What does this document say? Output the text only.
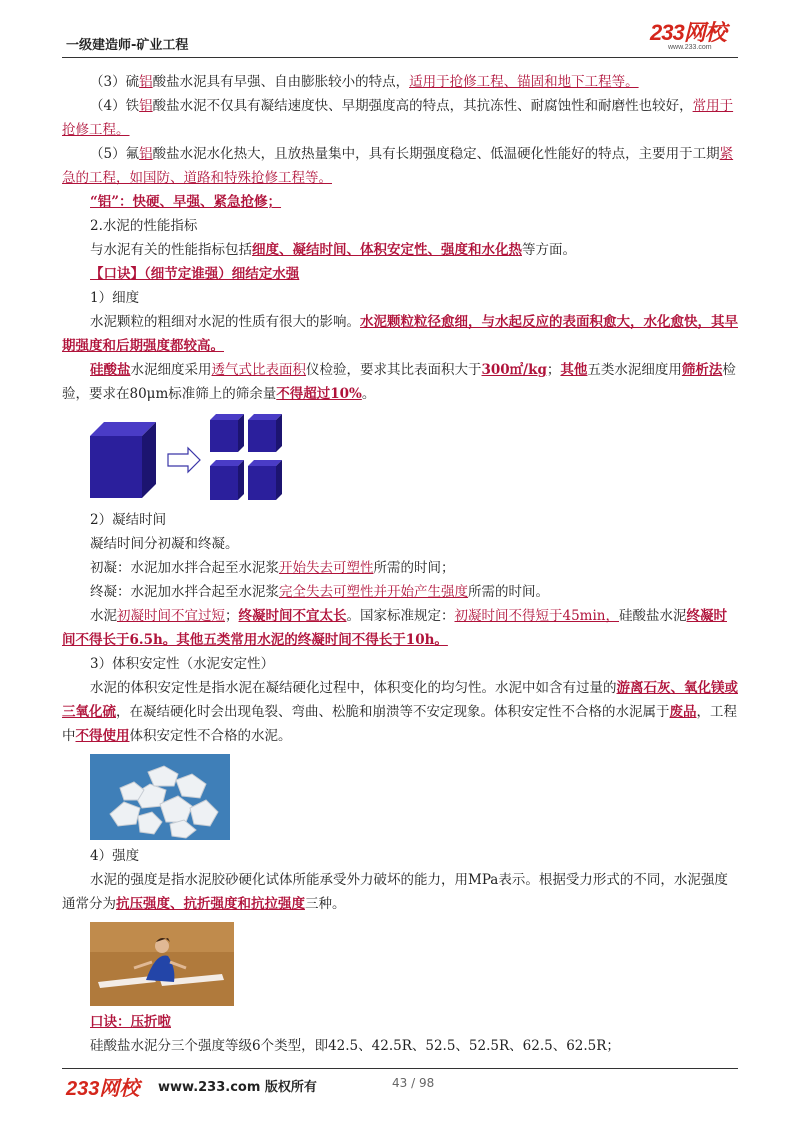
一级建造师-矿业工程
233网校
www.233.com

（3）硫铝酸盐水泥具有早强、自由膨胀较小的特点，适用于抢修工程、锚固和地下工程等。

（4）铁铝酸盐水泥不仅具有凝结速度快、早期强度高的特点，其抗冻性、耐腐蚀性和耐磨性也较好，常用于抢修工程。

（5）氟铝酸盐水泥水化热大，且放热量集中，具有长期强度稳定、低温硬化性能好的特点，主要用于工期紧急的工程，如国防、道路和特殊抢修工程等。

“铝”：快硬、早强、紧急抢修；

2.水泥的性能指标

与水泥有关的性能指标包括细度、凝结时间、体积安定性、强度和水化热等方面。

【口诀】（细节定谁强）细结定水强

1）细度

水泥颗粒的粗细对水泥的性质有很大的影响。水泥颗粒粒径愈细，与水起反应的表面积愈大，水化愈快，其早期强度和后期强度都较高。

硅酸盐水泥细度采用透气式比表面积仪检验，要求其比表面积大于300㎡/kg；其他五类水泥细度用筛析法检验，要求在80μm标准筛上的筛余量不得超过10%。

2）凝结时间

凝结时间分初凝和终凝。

初凝：水泥加水拌合起至水泥浆开始失去可塑性所需的时间；

终凝：水泥加水拌合起至水泥浆完全失去可塑性并开始产生强度所需的时间。

水泥初凝时间不宜过短；终凝时间不宜太长。国家标准规定：初凝时间不得短于45min，硅酸盐水泥终凝时间不得长于6.5h。其他五类常用水泥的终凝时间不得长于10h。

3）体积安定性（水泥安定性）

水泥的体积安定性是指水泥在凝结硬化过程中，体积变化的均匀性。水泥中如含有过量的游离石灰、氧化镁或三氧化硫，在凝结硬化时会出现龟裂、弯曲、松脆和崩溃等不安定现象。体积安定性不合格的水泥属于废品，工程中不得使用体积安定性不合格的水泥。

4）强度

水泥的强度是指水泥胶砂硬化试体所能承受外力破坏的能力，用MPa表示。根据受力形式的不同，水泥强度通常分为抗压强度、抗折强度和抗拉强度三种。

口诀：压折啦

硅酸盐水泥分三个强度等级6个类型，即42.5、42.5R、52.5、52.5R、62.5、62.5R；

233网校 www.233.com 版权所有	43 / 98
